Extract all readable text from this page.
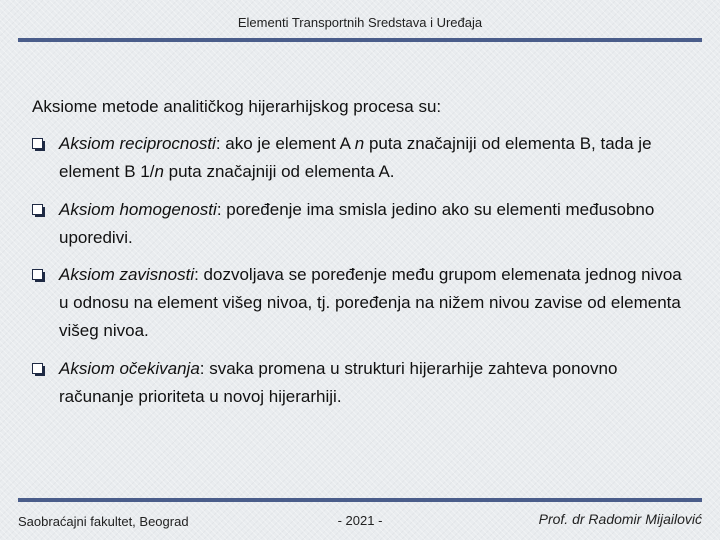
Elementi Transportnih Sredstava i Uređaja
Aksiome metode analitičkog hijerarhijskog procesa su:
Aksiom reciprocnosti: ako je element A n puta značajniji od elementa B, tada je element B 1/n puta značajniji od elementa A.
Aksiom homogenosti: poređenje ima smisla jedino ako su elementi međusobno uporedivi.
Aksiom zavisnosti: dozvoljava se poređenje među grupom elemenata jednog nivoa u odnosu na element višeg nivoa, tj. poređenja na nižem nivou zavise od elementa višeg nivoa.
Aksiom očekivanja: svaka promena u strukturi hijerarhije zahteva ponovno računanje prioriteta u novoj hijerarhiji.
Saobraćajni fakultet, Beograd	- 2021 -	Prof. dr Radomir Mijailović
